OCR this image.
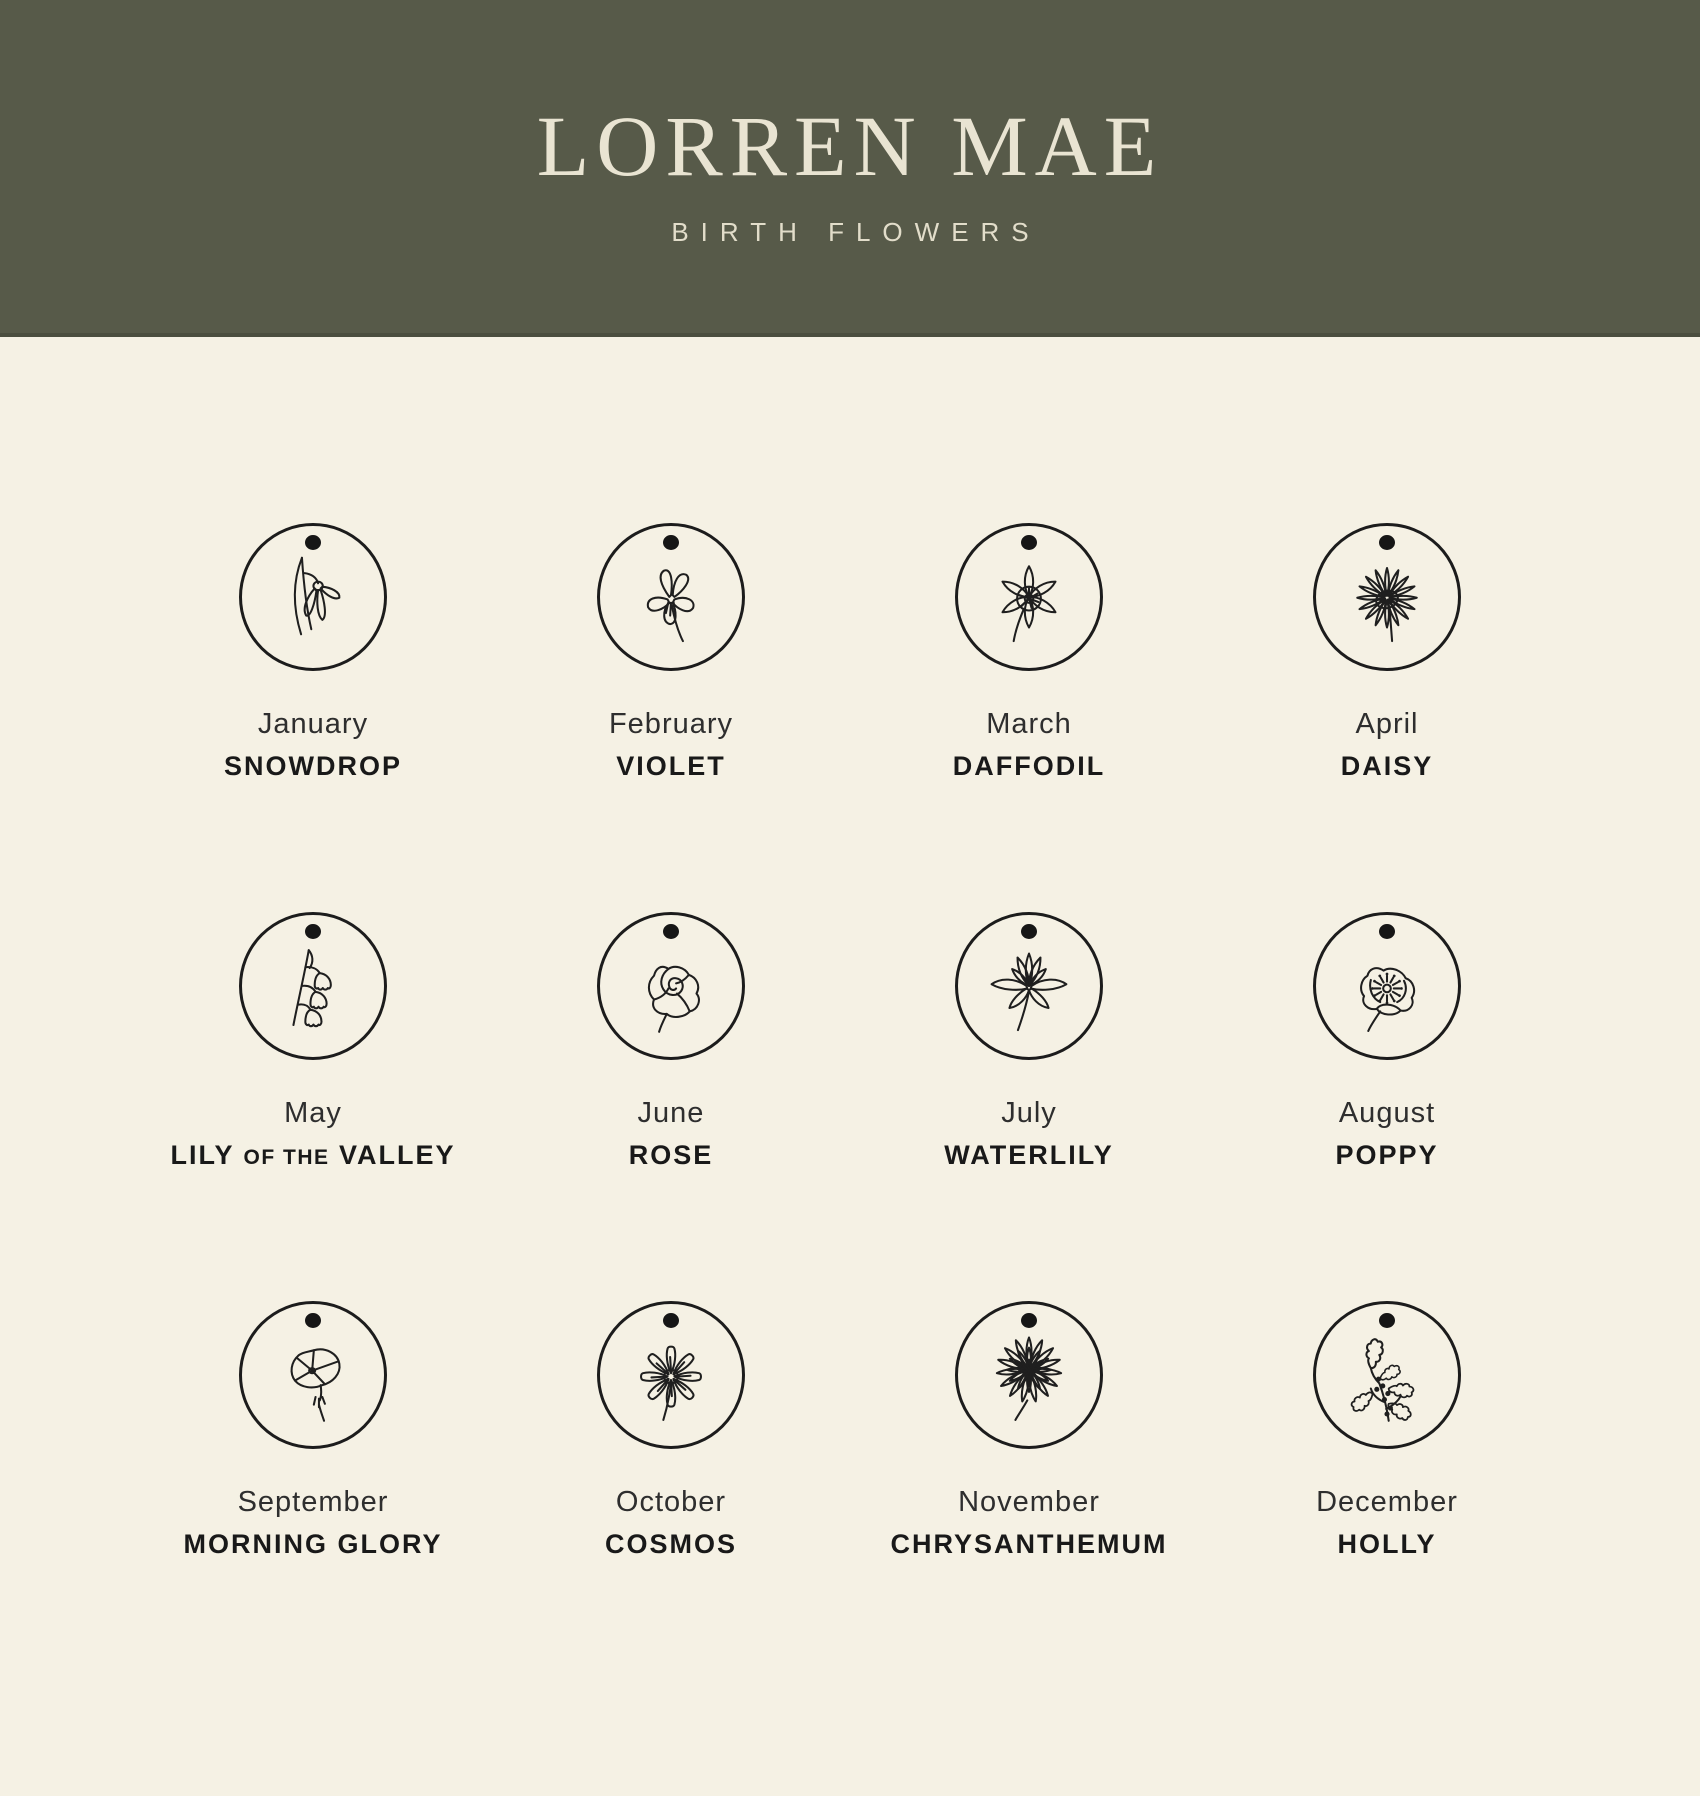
LORREN MAE
BIRTH FLOWERS
January
SNOWDROP
February
VIOLET
March
DAFFODIL
April
DAISY
May
LILY OF THE VALLEY
June
ROSE
July
WATERLILY
August
POPPY
September
MORNING GLORY
October
COSMOS
November
CHRYSANTHEMUM
December
HOLLY
